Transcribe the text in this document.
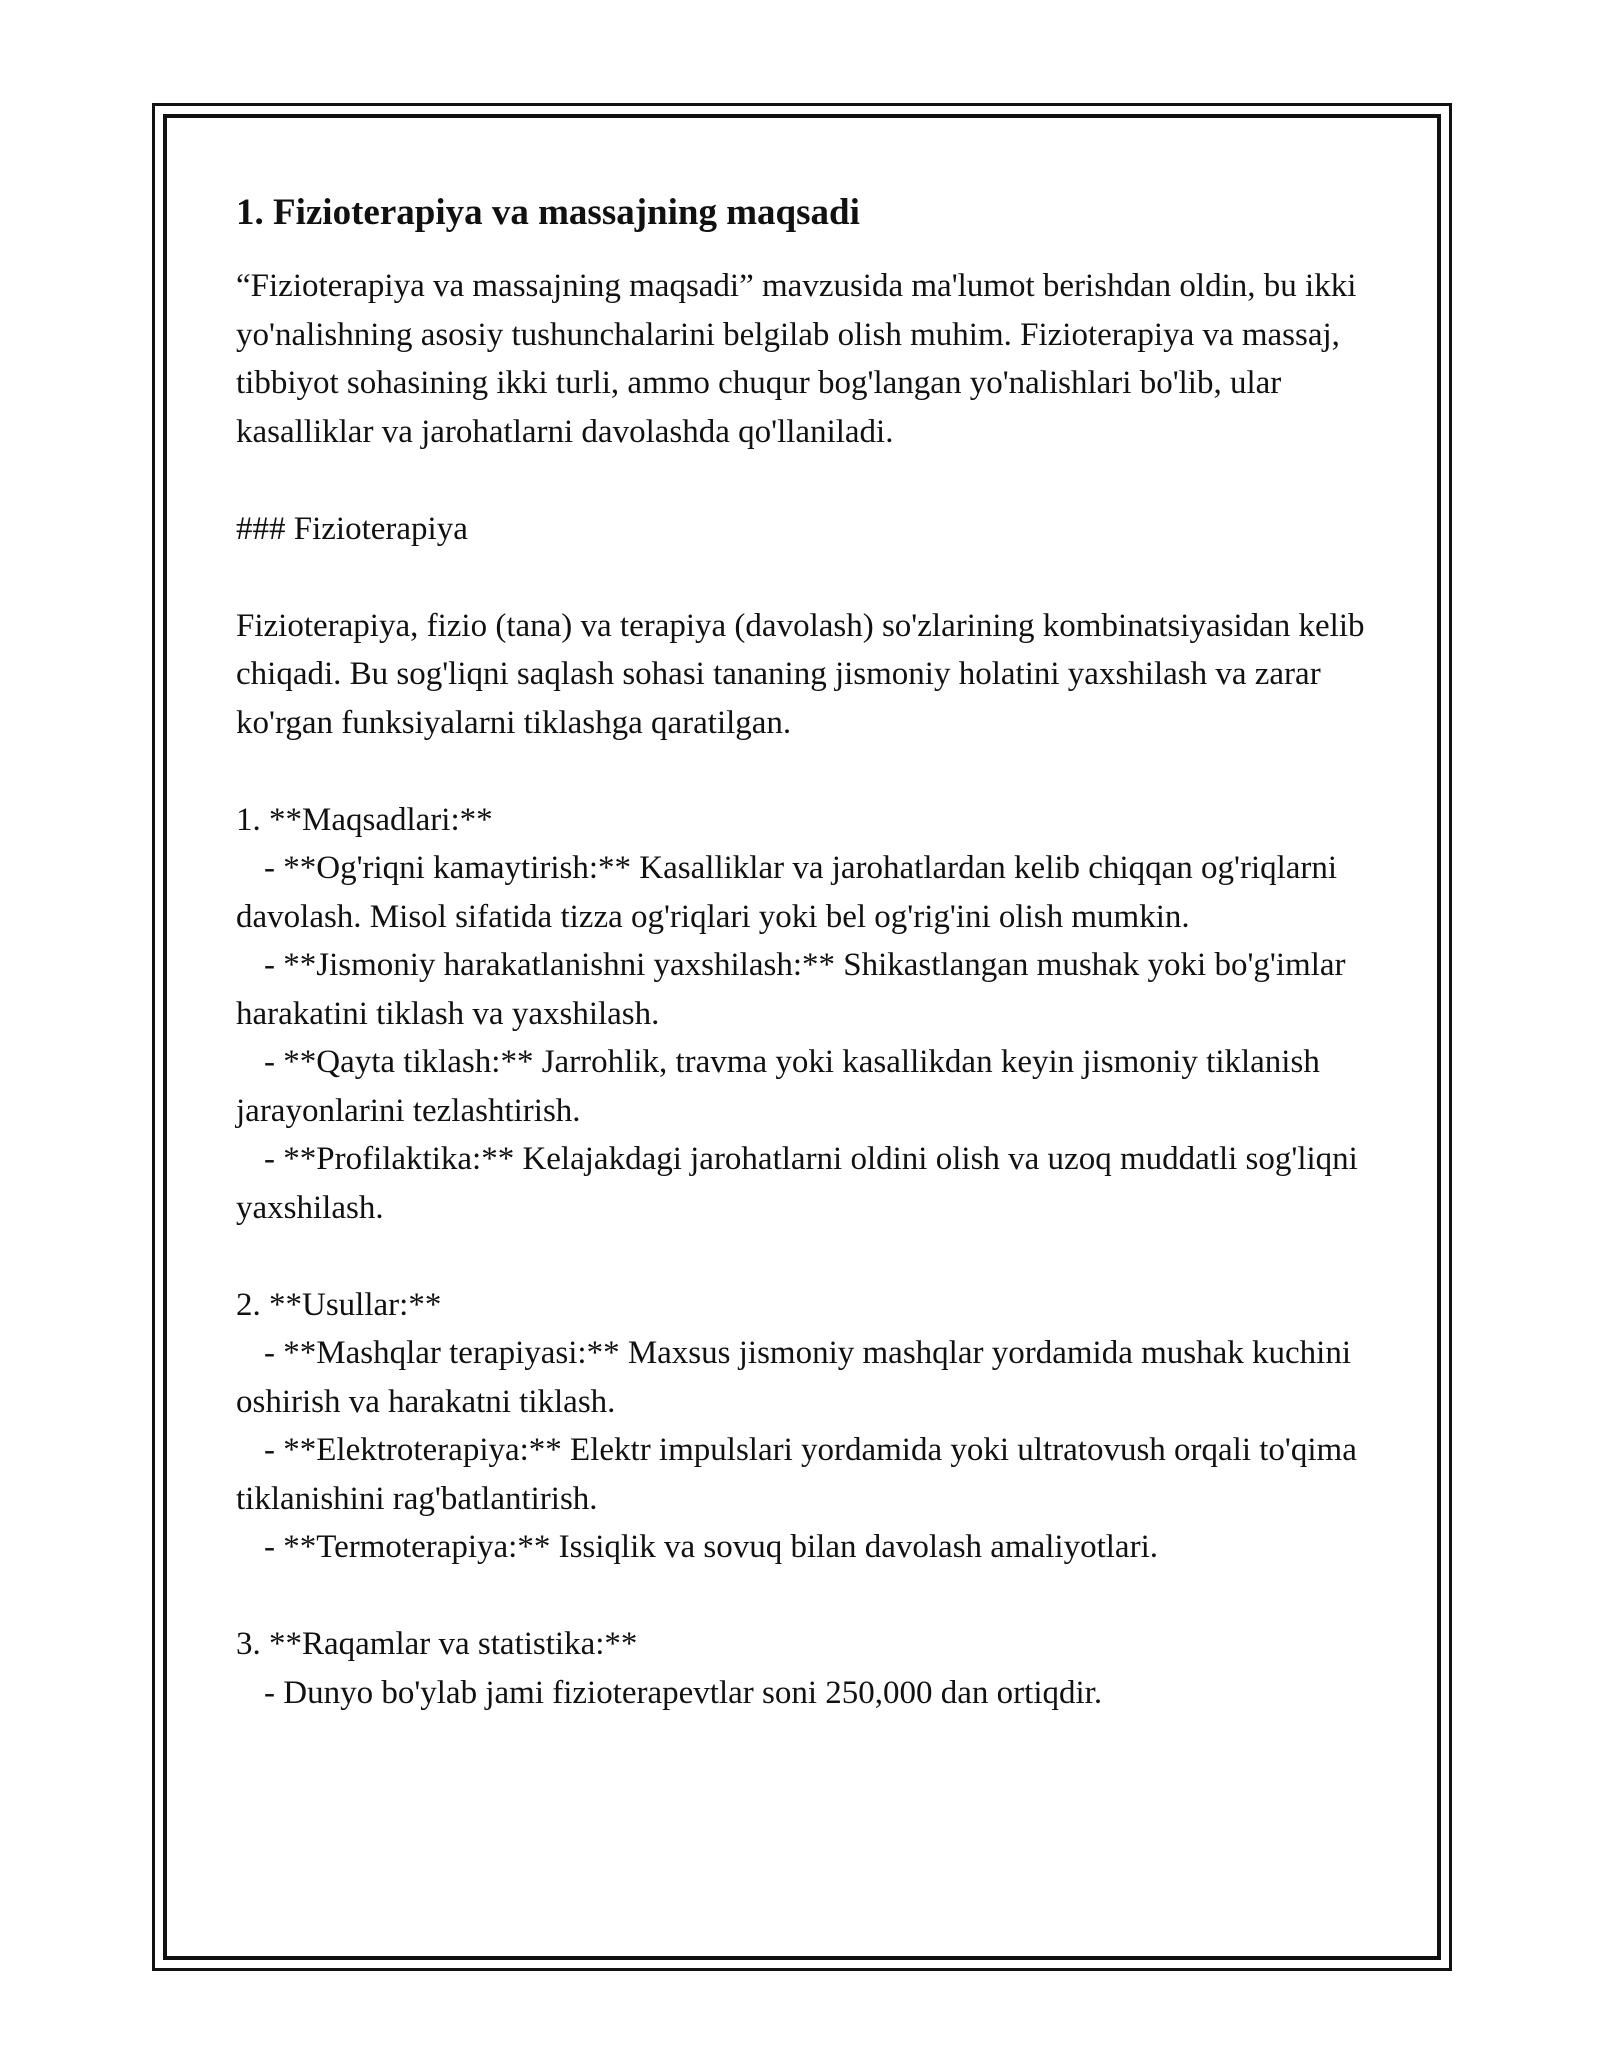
1. Fizioterapiya va massajning maqsadi

“Fizioterapiya va massajning maqsadi” mavzusida ma'lumot berishdan oldin, bu ikki yo'nalishning asosiy tushunchalarini belgilab olish muhim. Fizioterapiya va massaj, tibbiyot sohasining ikki turli, ammo chuqur bog'langan yo'nalishlari bo'lib, ular kasalliklar va jarohatlarni davolashda qo'llaniladi.

### Fizioterapiya

Fizioterapiya, fizio (tana) va terapiya (davolash) so'zlarining kombinatsiyasidan kelib chiqadi. Bu sog'liqni saqlash sohasi tananing jismoniy holatini yaxshilash va zarar ko'rgan funksiyalarni tiklashga qaratilgan.

1. **Maqsadlari:**

- **Og'riqni kamaytirish:** Kasalliklar va jarohatlardan kelib chiqqan og'riqlarni davolash. Misol sifatida tizza og'riqlari yoki bel og'rig'ini olish mumkin.

- **Jismoniy harakatlanishni yaxshilash:** Shikastlangan mushak yoki bo'g'imlar harakatini tiklash va yaxshilash.

- **Qayta tiklash:** Jarrohlik, travma yoki kasallikdan keyin jismoniy tiklanish jarayonlarini tezlashtirish.

- **Profilaktika:** Kelajakdagi jarohatlarni oldini olish va uzoq muddatli sog'liqni yaxshilash.

2. **Usullar:**

- **Mashqlar terapiyasi:** Maxsus jismoniy mashqlar yordamida mushak kuchini oshirish va harakatni tiklash.

- **Elektroterapiya:** Elektr impulslari yordamida yoki ultratovush orqali to'qima tiklanishini rag'batlantirish.

- **Termoterapiya:** Issiqlik va sovuq bilan davolash amaliyotlari.

3. **Raqamlar va statistika:**

- Dunyo bo'ylab jami fizioterapevtlar soni 250,000 dan ortiqdir.
